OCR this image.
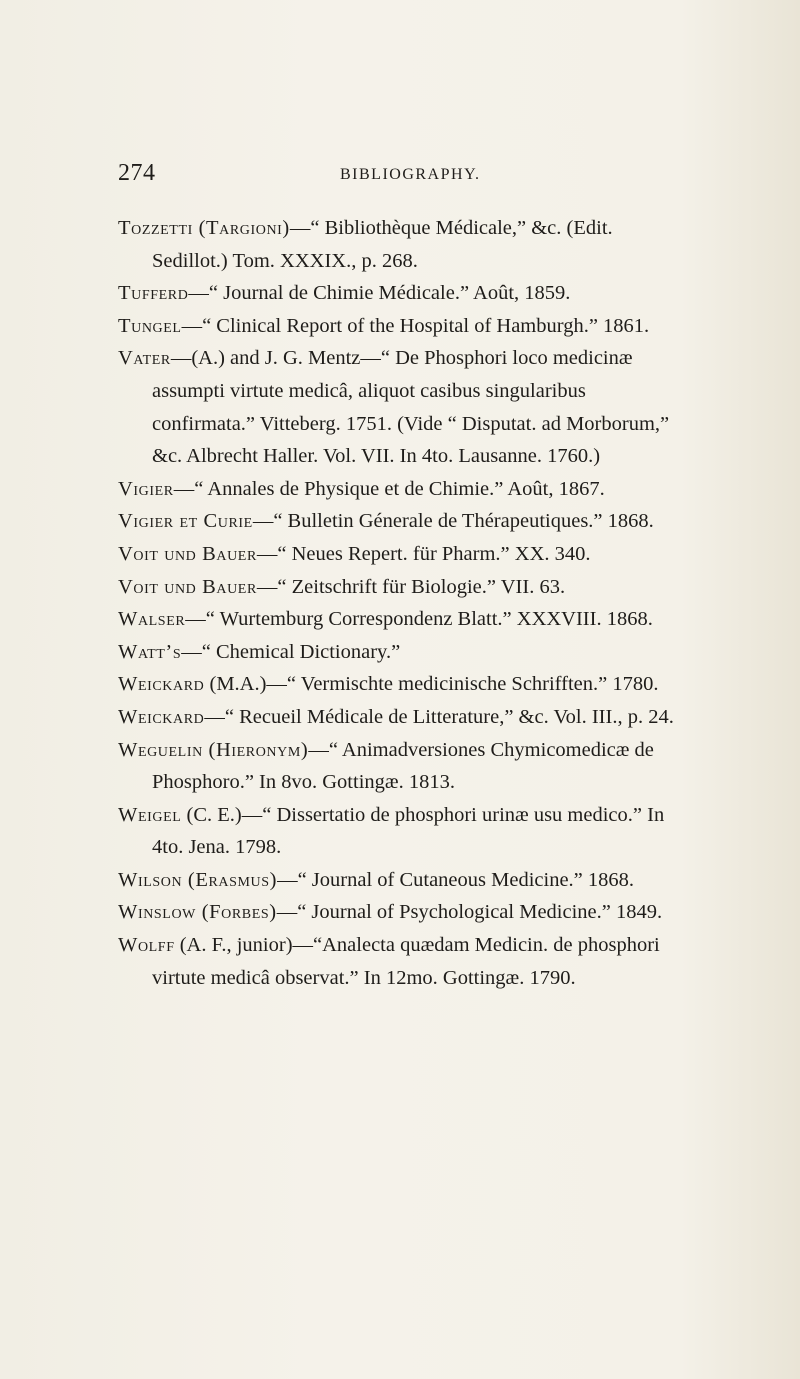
274	BIBLIOGRAPHY.

Tozzetti (Targioni)—“ Bibliothèque Médicale,” &c. (Edit. Sedillot.) Tom. XXXIX., p. 268.

Tufferd—“ Journal de Chimie Médicale.” Août, 1859.

Tungel—“ Clinical Report of the Hospital of Hamburgh.” 1861.

Vater—(A.) and J. G. Mentz—“ De Phosphori loco medicinæ assumpti virtute medicâ, aliquot casibus singularibus confirmata.” Vitteberg. 1751. (Vide “ Disputat. ad Morborum,” &c. Albrecht Haller. Vol. VII. In 4to. Lausanne. 1760.)

Vigier—“ Annales de Physique et de Chimie.” Août, 1867.

Vigier et Curie—“ Bulletin Génerale de Thérapeutiques.” 1868.

Voit und Bauer—“ Neues Repert. für Pharm.” XX. 340.

Voit und Bauer—“ Zeitschrift für Biologie.” VII. 63.

Walser—“ Wurtemburg Correspondenz Blatt.” XXXVIII. 1868.

Watt’s—“ Chemical Dictionary.”

Weickard (M.A.)—“ Vermischte medicinische Schrifften.” 1780.

Weickard—“ Recueil Médicale de Litterature,” &c. Vol. III., p. 24.

Weguelin (Hieronym)—“ Animadversiones Chymicomedicæ de Phosphoro.” In 8vo. Gottingæ. 1813.

Weigel (C. E.)—“ Dissertatio de phosphori urinæ usu medico.” In 4to. Jena. 1798.

Wilson (Erasmus)—“ Journal of Cutaneous Medicine.” 1868.

Winslow (Forbes)—“ Journal of Psychological Medicine.” 1849.

Wolff (A. F., junior)—“Analecta quædam Medicin. de phosphori virtute medicâ observat.” In 12mo. Gottingæ. 1790.
